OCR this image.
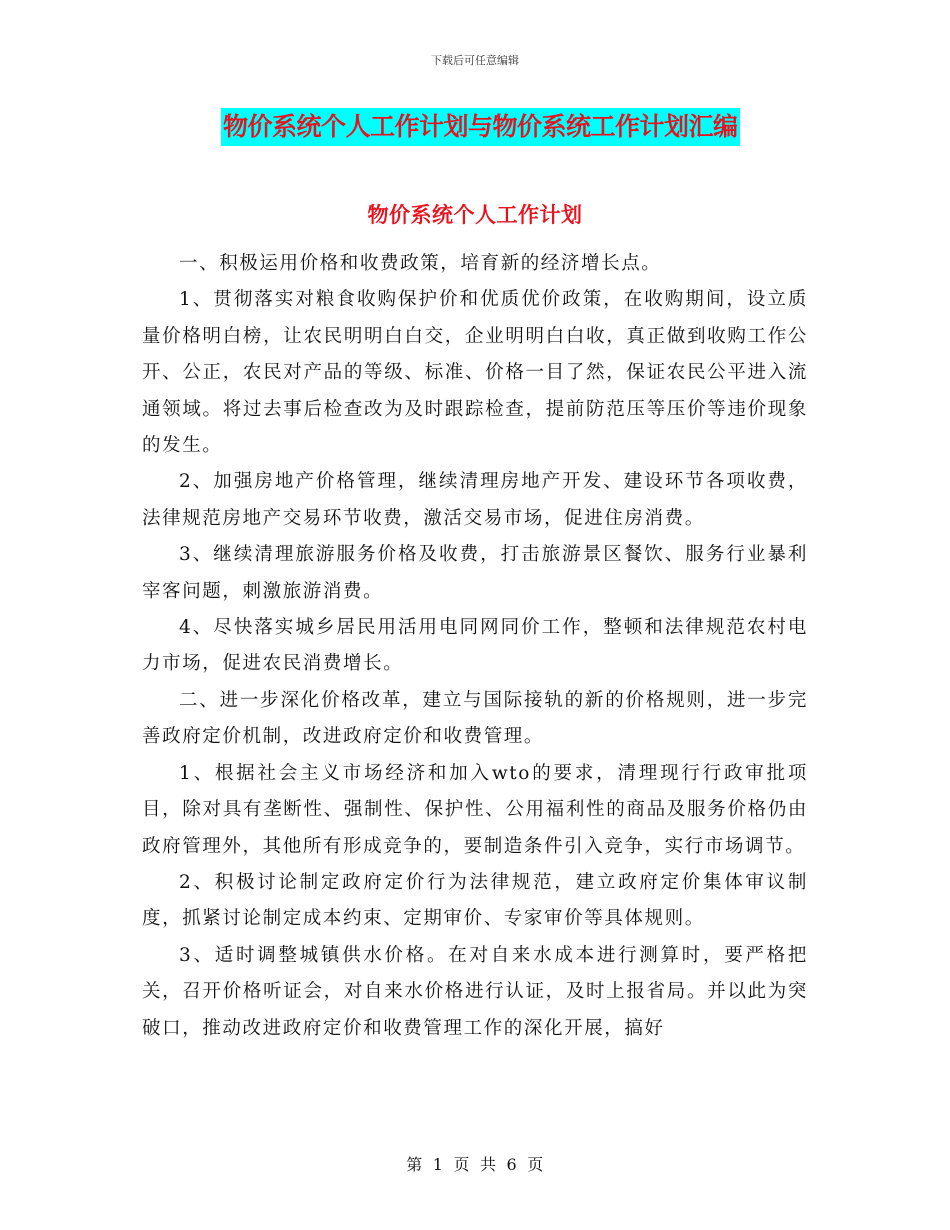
下载后可任意编辑
物价系统个人工作计划与物价系统工作计划汇编
物价系统个人工作计划

一、积极运用价格和收费政策，培育新的经济增长点。

1、贯彻落实对粮食收购保护价和优质优价政策，在收购期间，设立质量价格明白榜，让农民明明白白交，企业明明白白收，真正做到收购工作公开、公正，农民对产品的等级、标准、价格一目了然，保证农民公平进入流通领域。将过去事后检查改为及时跟踪检查，提前防范压等压价等违价现象的发生。

2、加强房地产价格管理，继续清理房地产开发、建设环节各项收费，法律规范房地产交易环节收费，激活交易市场，促进住房消费。

3、继续清理旅游服务价格及收费，打击旅游景区餐饮、服务行业暴利宰客问题，刺激旅游消费。

4、尽快落实城乡居民用活用电同网同价工作，整顿和法律规范农村电力市场，促进农民消费增长。

二、进一步深化价格改革，建立与国际接轨的新的价格规则，进一步完善政府定价机制，改进政府定价和收费管理。

1、根据社会主义市场经济和加入wto的要求，清理现行行政审批项目，除对具有垄断性、强制性、保护性、公用福利性的商品及服务价格仍由政府管理外，其他所有形成竞争的，要制造条件引入竞争，实行市场调节。

2、积极讨论制定政府定价行为法律规范，建立政府定价集体审议制度，抓紧讨论制定成本约束、定期审价、专家审价等具体规则。

3、适时调整城镇供水价格。在对自来水成本进行测算时，要严格把关，召开价格听证会，对自来水价格进行认证，及时上报省局。并以此为突破口，推动改进政府定价和收费管理工作的深化开展，搞好

第 1 页 共 6 页
